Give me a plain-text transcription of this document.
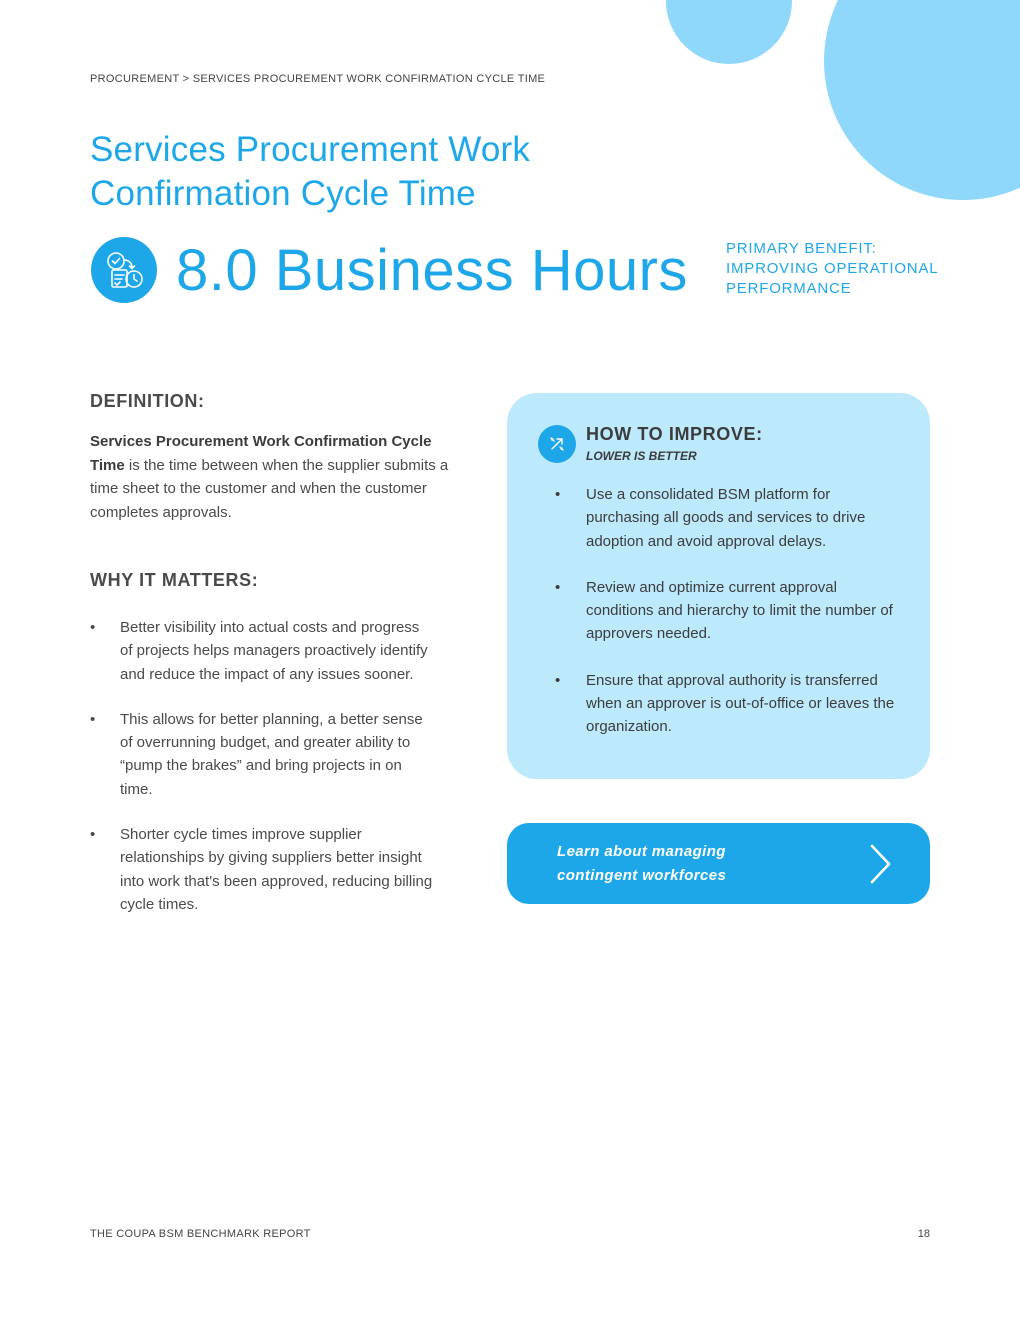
PROCUREMENT > SERVICES PROCUREMENT WORK CONFIRMATION CYCLE TIME
Services Procurement Work Confirmation Cycle Time
8.0 Business Hours	PRIMARY BENEFIT:
IMPROVING OPERATIONAL
PERFORMANCE
DEFINITION:

Services Procurement Work Confirmation Cycle Time is the time between when the supplier submits a time sheet to the customer and when the customer completes approvals.

WHY IT MATTERS:
• Better visibility into actual costs and progress of projects helps managers proactively identify and reduce the impact of any issues sooner.
• This allows for better planning, a better sense of overrunning budget, and greater ability to “pump the brakes” and bring projects in on time.
• Shorter cycle times improve supplier relationships by giving suppliers better insight into work that's been approved, reducing billing cycle times.
HOW TO IMPROVE:
LOWER IS BETTER
• Use a consolidated BSM platform for purchasing all goods and services to drive adoption and avoid approval delays.
• Review and optimize current approval conditions and hierarchy to limit the number of approvers needed.
• Ensure that approval authority is transferred when an approver is out-of-office or leaves the organization.
Learn about managing contingent workforces
THE COUPA BSM BENCHMARK REPORT	18
